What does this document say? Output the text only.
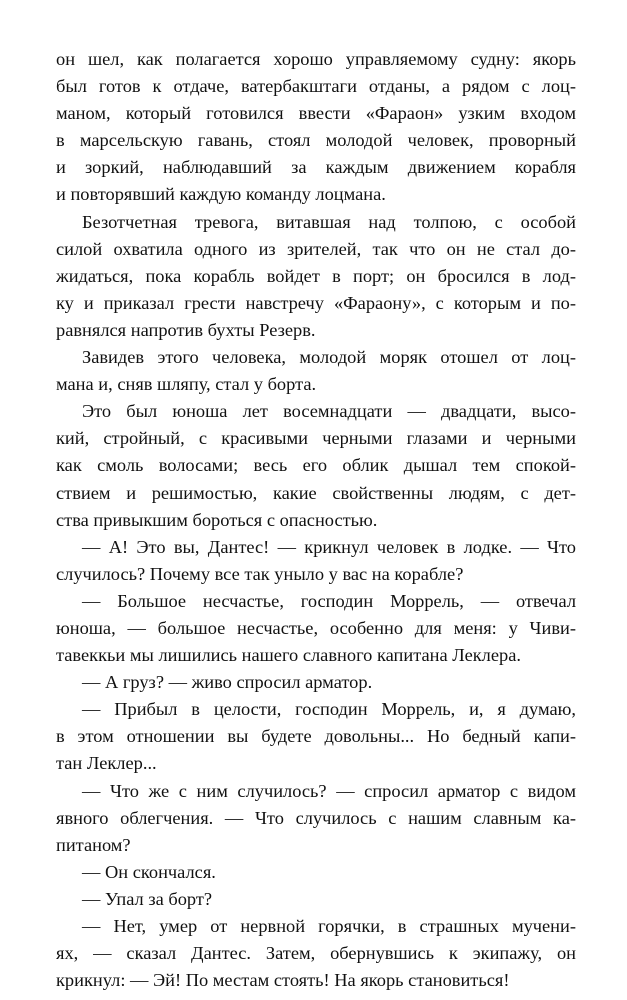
он шел, как полагается хорошо управляемому судну: якорь
был готов к отдаче, ватербакштаги отданы, а рядом с лоц-
маном, который готовился ввести «Фараон» узким входом
в марсельскую гавань, стоял молодой человек, проворный
и зоркий, наблюдавший за каждым движением корабля
и повторявший каждую команду лоцмана.
Безотчетная тревога, витавшая над толпою, с особой
силой охватила одного из зрителей, так что он не стал до-
жидаться, пока корабль войдет в порт; он бросился в лод-
ку и приказал грести навстречу «Фараону», с которым и по-
равнялся напротив бухты Резерв.
Завидев этого человека, молодой моряк отошел от лоц-
мана и, сняв шляпу, стал у борта.
Это был юноша лет восемнадцати — двадцати, высо-
кий, стройный, с красивыми черными глазами и черными
как смоль волосами; весь его облик дышал тем спокой-
ствием и решимостью, какие свойственны людям, с дет-
ства привыкшим бороться с опасностью.
— А! Это вы, Дантес! — крикнул человек в лодке. — Что
случилось? Почему все так уныло у вас на корабле?
— Большое несчастье, господин Моррель, — отвечал
юноша, — большое несчастье, особенно для меня: у Чиви-
тавеккьи мы лишились нашего славного капитана Леклера.
— А груз? — живо спросил арматор.
— Прибыл в целости, господин Моррель, и, я думаю,
в этом отношении вы будете довольны... Но бедный капи-
тан Леклер...
— Что же с ним случилось? — спросил арматор с видом
явного облегчения. — Что случилось с нашим славным ка-
питаном?
— Он скончался.
— Упал за борт?
— Нет, умер от нервной горячки, в страшных мучени-
ях, — сказал Дантес. Затем, обернувшись к экипажу, он
крикнул: — Эй! По местам стоять! На якорь становиться!
